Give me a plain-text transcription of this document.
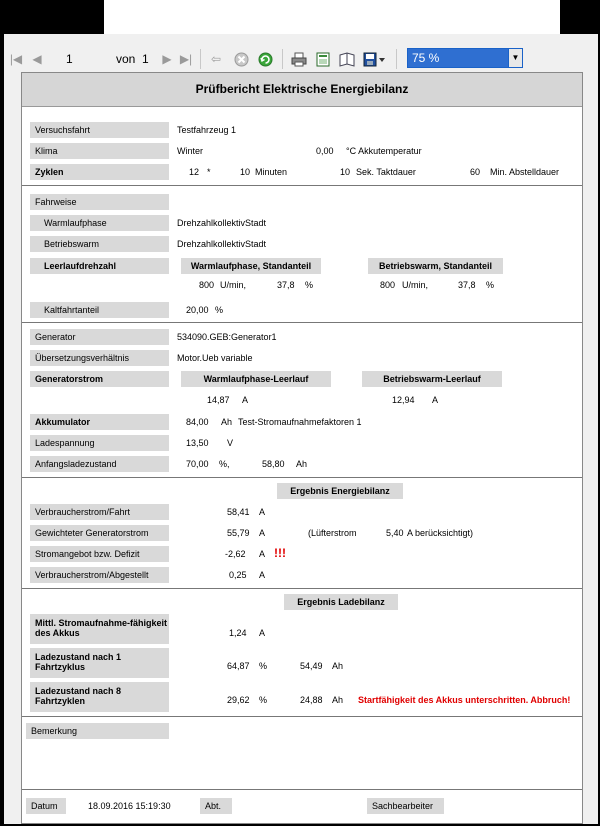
|◀ ◀ 1	von 1 ▶ ▶| ⇦	75 %	▼
Prüfbericht Elektrische Energiebilanz
Versuchsfahrt	Testfahrzeug 1
Klima	Winter	0,00 °C Akkutemperatur
Zyklen	12 *	10 Minuten	10 Sek. Taktdauer	60 Min. Abstelldauer
Fahrweise
Warmlaufphase	DrehzahlkollektivStadt
Betriebswarm	DrehzahlkollektivStadt
Leerlaufdrehzahl	Warmlaufphase, Standanteil	Betriebswarm, Standanteil
800 U/min,	37,8 %	800 U/min,	37,8 %
Kaltfahrtanteil	20,00 %
Generator	534090.GEB:Generator1
Übersetzungsverhältnis	Motor.Ueb variable
Generatorstrom	Warmlaufphase-Leerlauf	Betriebswarm-Leerlauf
14,87 A	12,94 A
Akkumulator	84,00 Ah Test-Stromaufnahmefaktoren 1
Ladespannung	13,50 V
Anfangsladezustand	70,00 %,	58,80 Ah
Ergebnis Energiebilanz
Verbraucherstrom/Fahrt	58,41 A
Gewichteter Generatorstrom	55,79 A	(Lüfterstrom	5,40 A berücksichtigt)
Stromangebot bzw. Defizit	-2,62 A !!!
Verbraucherstrom/Abgestellt	0,25 A
Ergebnis Ladebilanz
Mittl. Stromaufnahme-fähigkeit des Akkus	1,24 A
Ladezustand nach 1 Fahrtzyklus	64,87 %	54,49 Ah
Ladezustand nach 8 Fahrtzyklen	29,62 %	24,88 Ah Startfähigkeit des Akkus unterschritten. Abbruch!
Bemerkung
Datum	18.09.2016 15:19:30	Abt.	Sachbearbeiter
